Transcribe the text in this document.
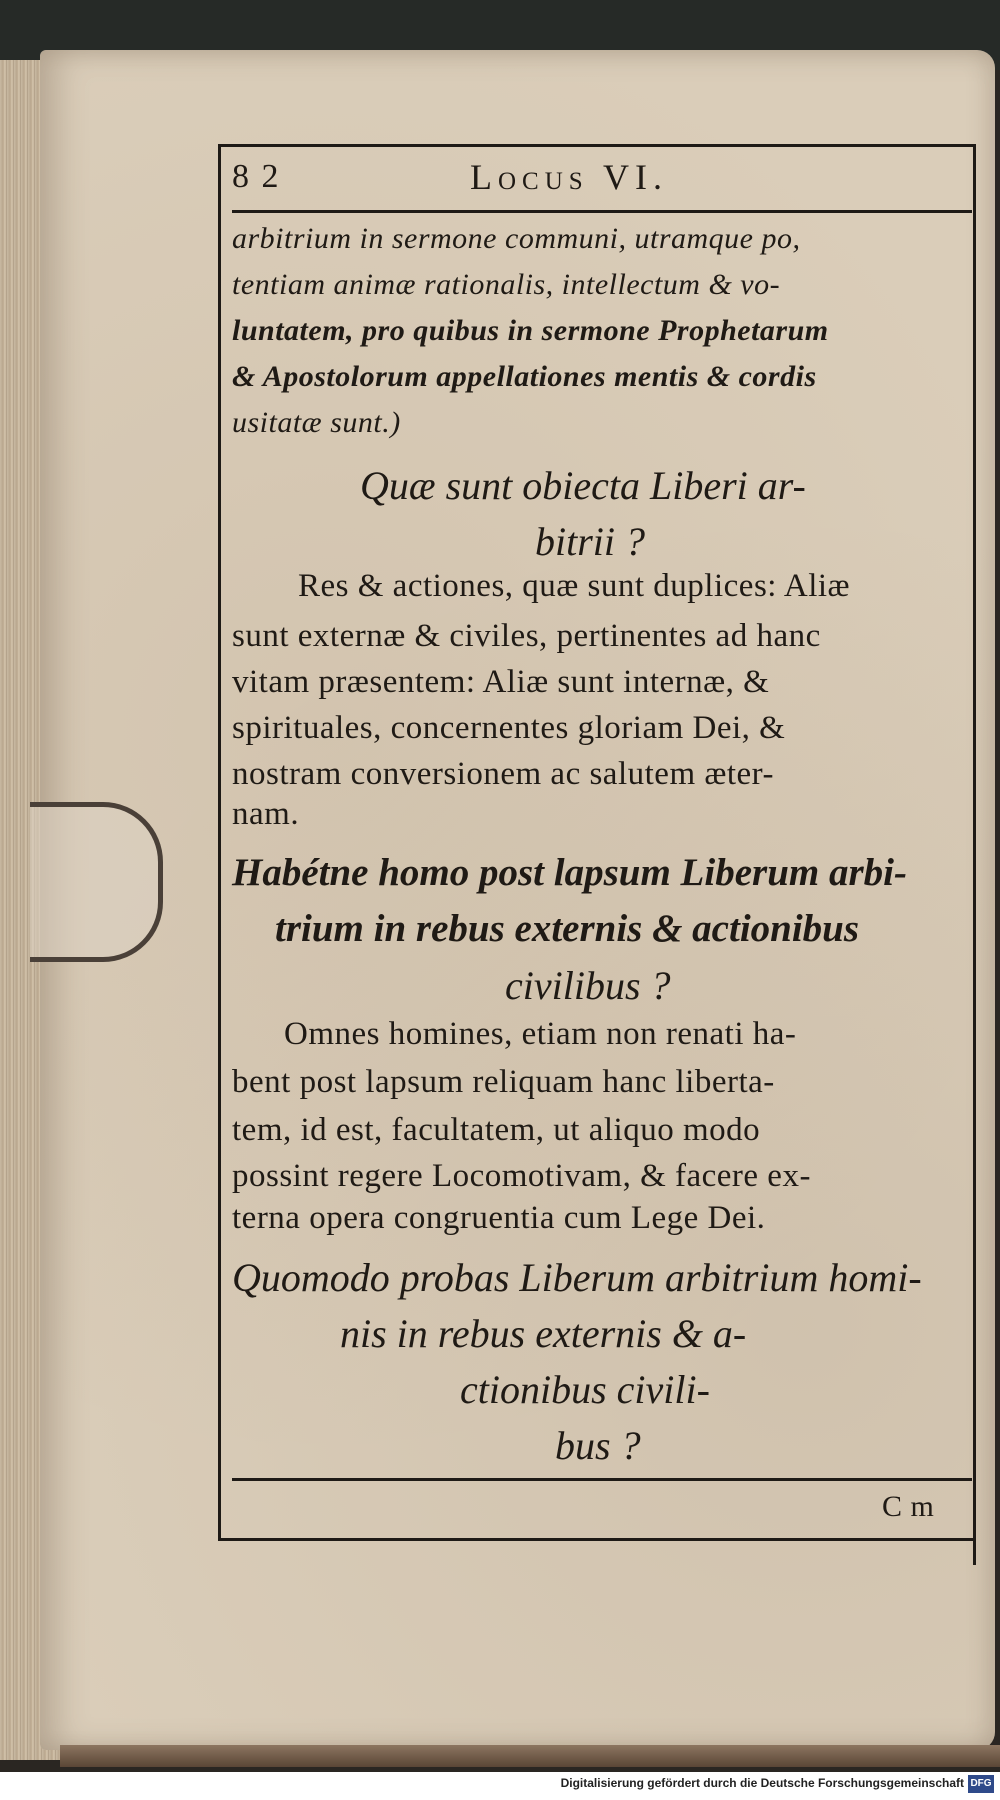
8 2	Locus VI.
arbitrium in sermone communi, utramque po,
tentiam animæ rationalis, intellectum & vo-
luntatem, pro quibus in sermone Prophetarum
& Apostolorum appellationes mentis & cordis
usitatæ sunt.)
Quæ sunt obiecta Liberi ar-
bitrii ?
Res & actiones, quæ sunt duplices: Aliæ
sunt externæ & civiles, pertinentes ad hanc
vitam præsentem: Aliæ sunt internæ, &
spirituales, concernentes gloriam Dei, &
nostram conversionem ac salutem æter-
nam.
Habétne homo post lapsum Liberum arbi-
trium in rebus externis & actionibus
civilibus ?
Omnes homines, etiam non renati ha-
bent post lapsum reliquam hanc liberta-
tem, id est, facultatem, ut aliquo modo
possint regere Locomotivam, & facere ex-
terna opera congruentia cum Lege Dei.
Quomodo probas Liberum arbitrium homi-
nis in rebus externis & a-
ctionibus civili-
bus ?
C m
Digitalisierung gefördert durch die Deutsche Forschungsgemeinschaft DFG
